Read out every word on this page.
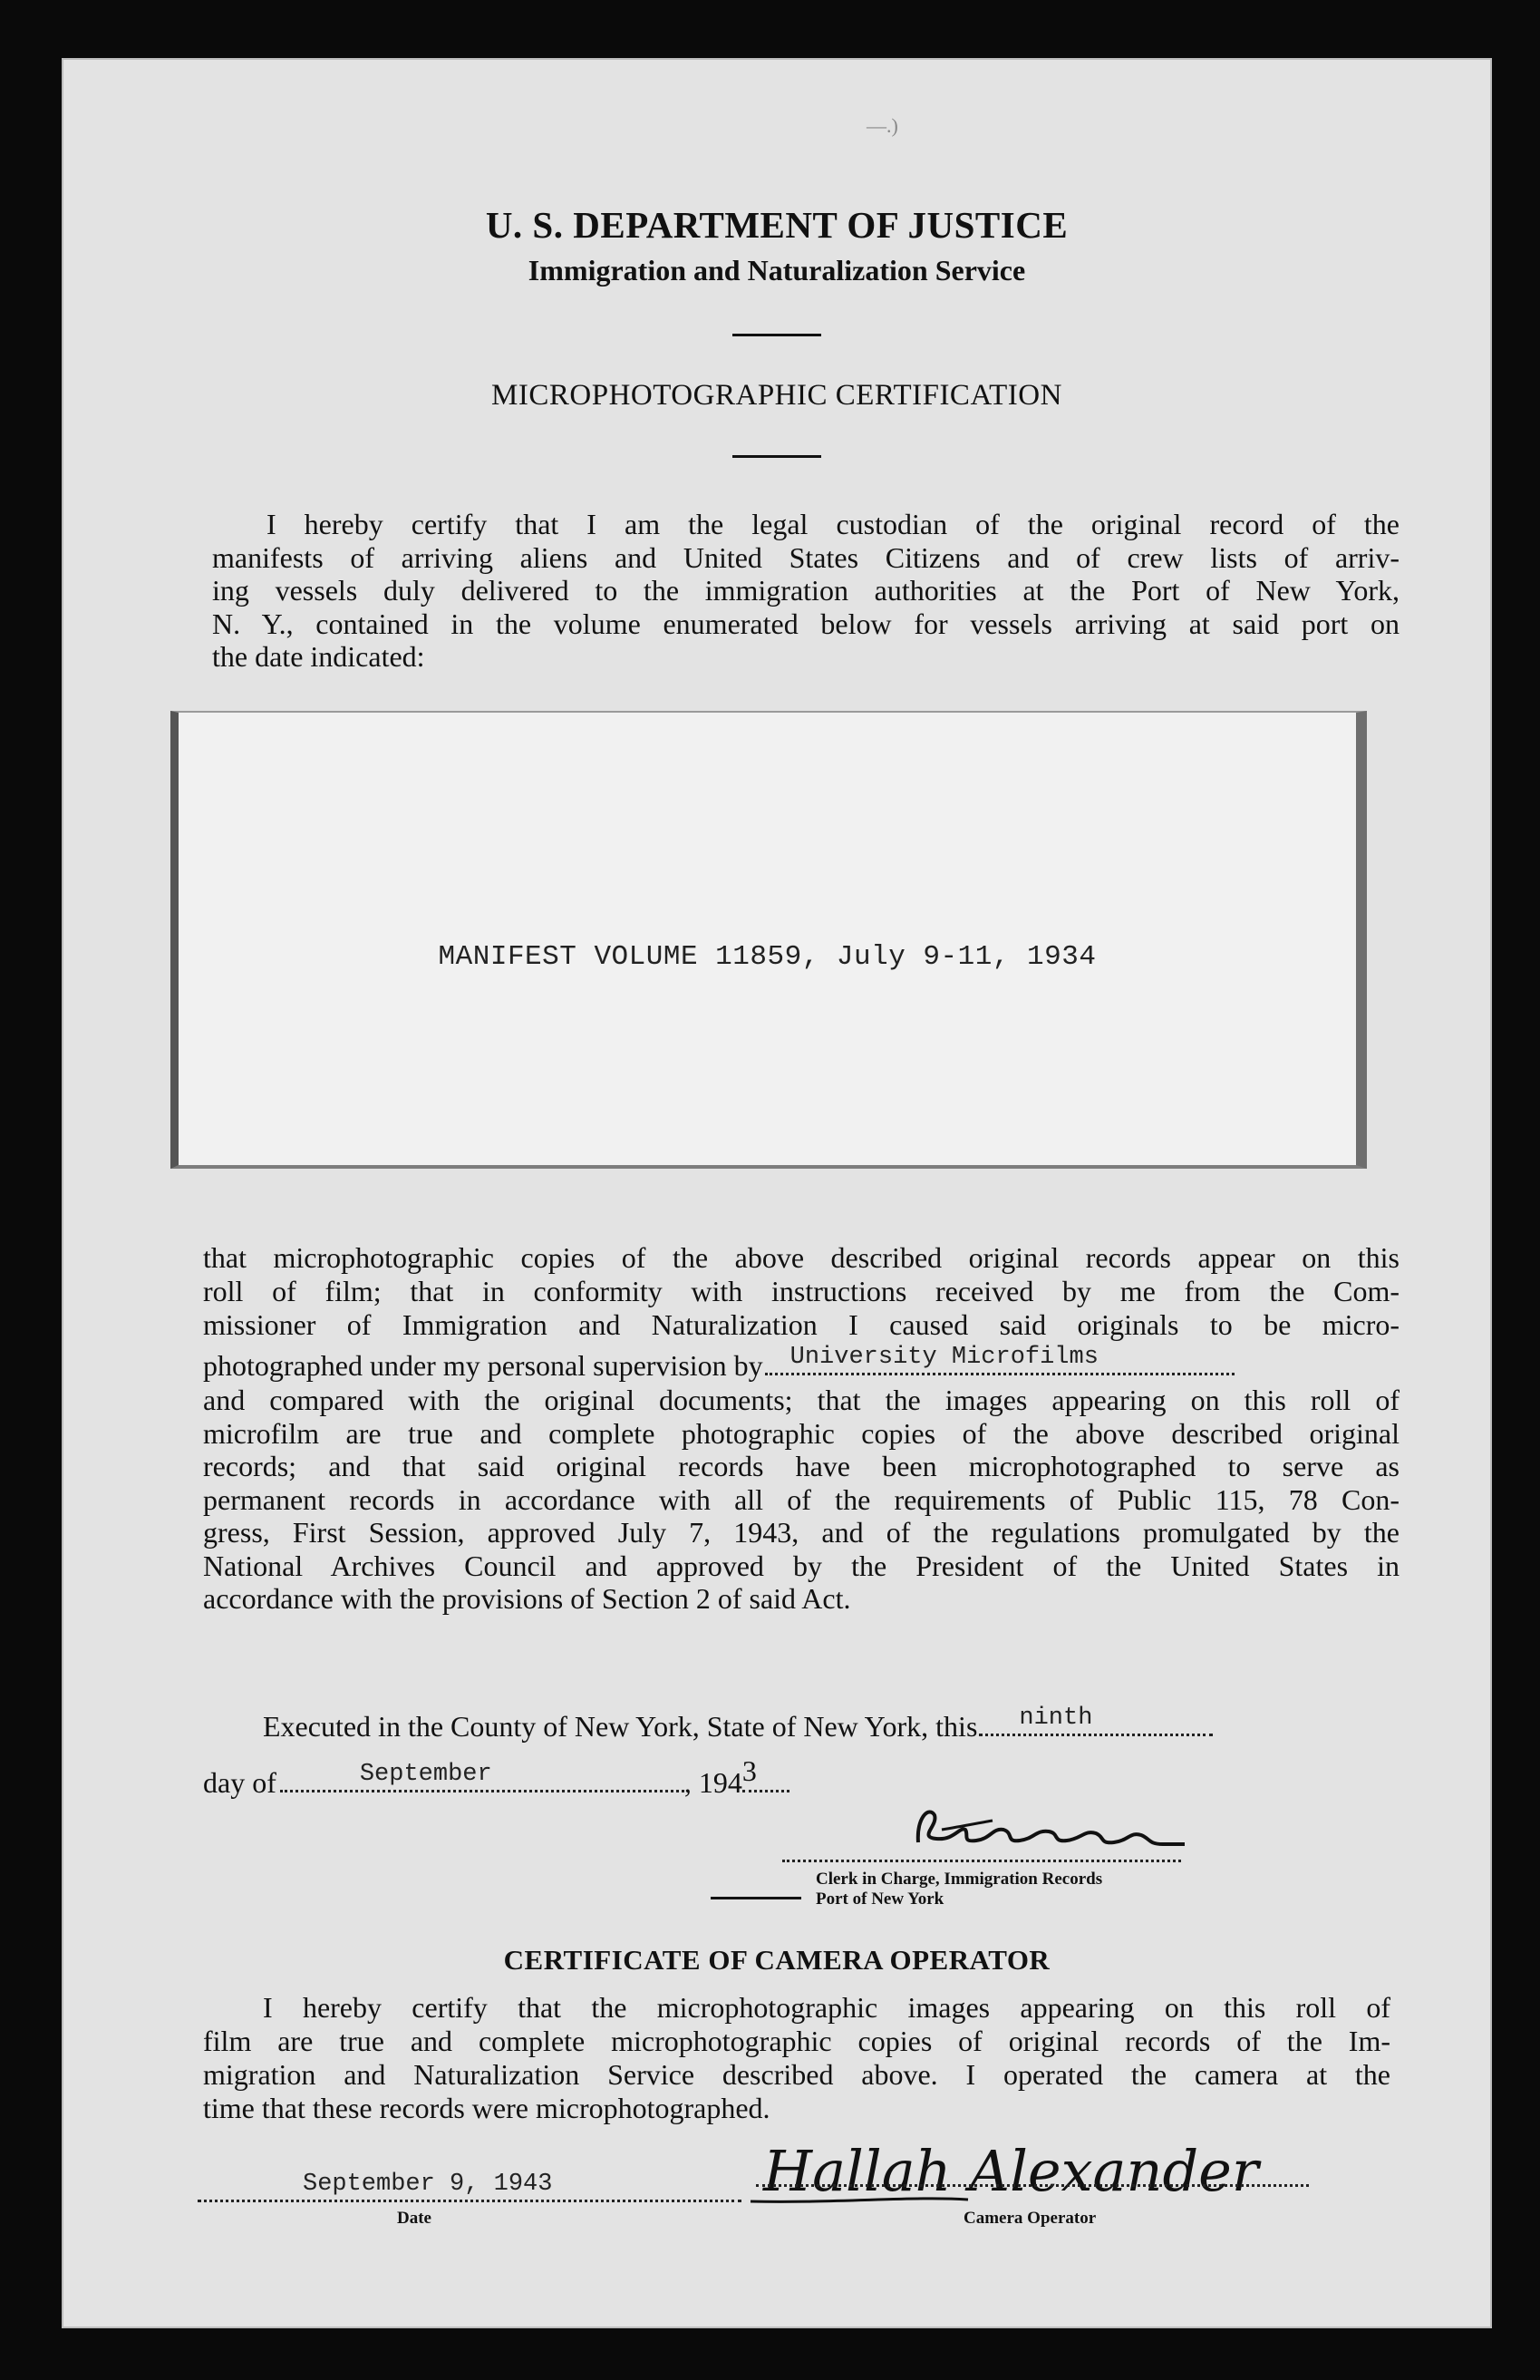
—.)
U. S. DEPARTMENT OF JUSTICE
Immigration and Naturalization Service
MICROPHOTOGRAPHIC CERTIFICATION

I hereby certify that I am the legal custodian of the original record of the

manifests of arriving aliens and United States Citizens and of crew lists of arriv-

ing vessels duly delivered to the immigration authorities at the Port of New York,

N. Y., contained in the volume enumerated below for vessels arriving at said port on

the date indicated:

MANIFEST VOLUME 11859, July 9-11, 1934

that microphotographic copies of the above described original records appear on this

roll of film; that in conformity with instructions received by me from the Com-

missioner of Immigration and Naturalization I caused said originals to be micro-

photographed under my personal supervision by University Microfilms

and compared with the original documents; that the images appearing on this roll of

microfilm are true and complete photographic copies of the above described original

records; and that said original records have been microphotographed to serve as

permanent records in accordance with all of the requirements of Public 115, 78 Con-

gress, First Session, approved July 7, 1943, and of the regulations promulgated by the

National Archives Council and approved by the President of the United States in

accordance with the provisions of Section 2 of said Act.

Executed in the County of New York, State of New York, this ninth
day of	September	, 194 3
Clerk in Charge, Immigration Records
Port of New York
CERTIFICATE OF CAMERA OPERATOR

I hereby certify that the microphotographic images appearing on this roll of

film are true and complete microphotographic copies of original records of the Im-

migration and Naturalization Service described above. I operated the camera at the

time that these records were microphotographed.

September 9, 1943
Date
Hallah Alexander
Camera Operator
